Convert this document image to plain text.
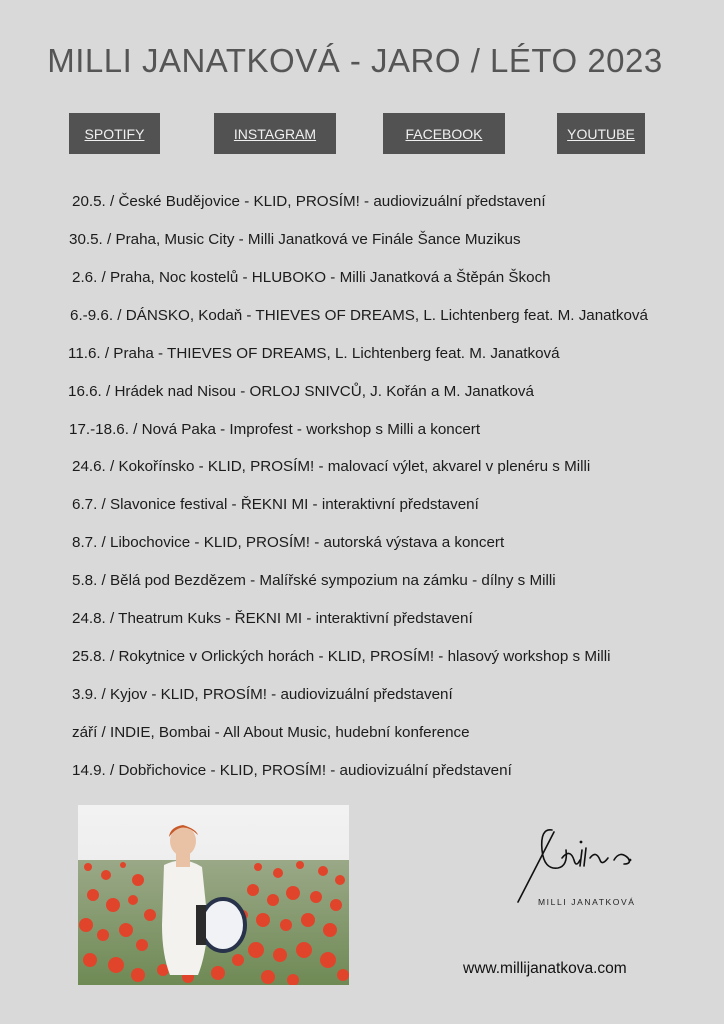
MILLI JANATKOVÁ - JARO / LÉTO 2023
SPOTIFY	INSTAGRAM	FACEBOOK	YOUTUBE
20.5. / České Budějovice - KLID, PROSÍM! - audiovizuální představení
30.5. / Praha, Music City - Milli Janatková ve Finále Šance Muzikus
2.6. / Praha, Noc kostelů - HLUBOKO - Milli Janatková a Štěpán Škoch
6.-9.6. / DÁNSKO, Kodaň - THIEVES OF DREAMS, L. Lichtenberg feat. M. Janatková
11.6. / Praha - THIEVES OF DREAMS, L. Lichtenberg feat. M. Janatková
16.6. / Hrádek nad Nisou - ORLOJ SNIVCŮ, J. Kořán a M. Janatková
17.-18.6. / Nová Paka - Improfest - workshop s Milli a koncert
24.6. / Kokořínsko - KLID, PROSÍM! - malovací výlet, akvarel v plenéru s Milli
6.7. / Slavonice festival - ŘEKNI MI - interaktivní představení
8.7. / Libochovice - KLID, PROSÍM! - autorská výstava a koncert
5.8. / Bělá pod Bezdězem - Malířské sympozium na zámku - dílny s Milli
24.8. / Theatrum Kuks - ŘEKNI MI - interaktivní představení
25.8. / Rokytnice v Orlických horách - KLID, PROSÍM! - hlasový workshop s Milli
3.9. / Kyjov - KLID, PROSÍM! - audiovizuální představení
září / INDIE, Bombai - All About Music, hudební konference
14.9. / Dobřichovice - KLID, PROSÍM! - audiovizuální představení
MILLI JANATKOVÁ
www.millijanatkova.com
